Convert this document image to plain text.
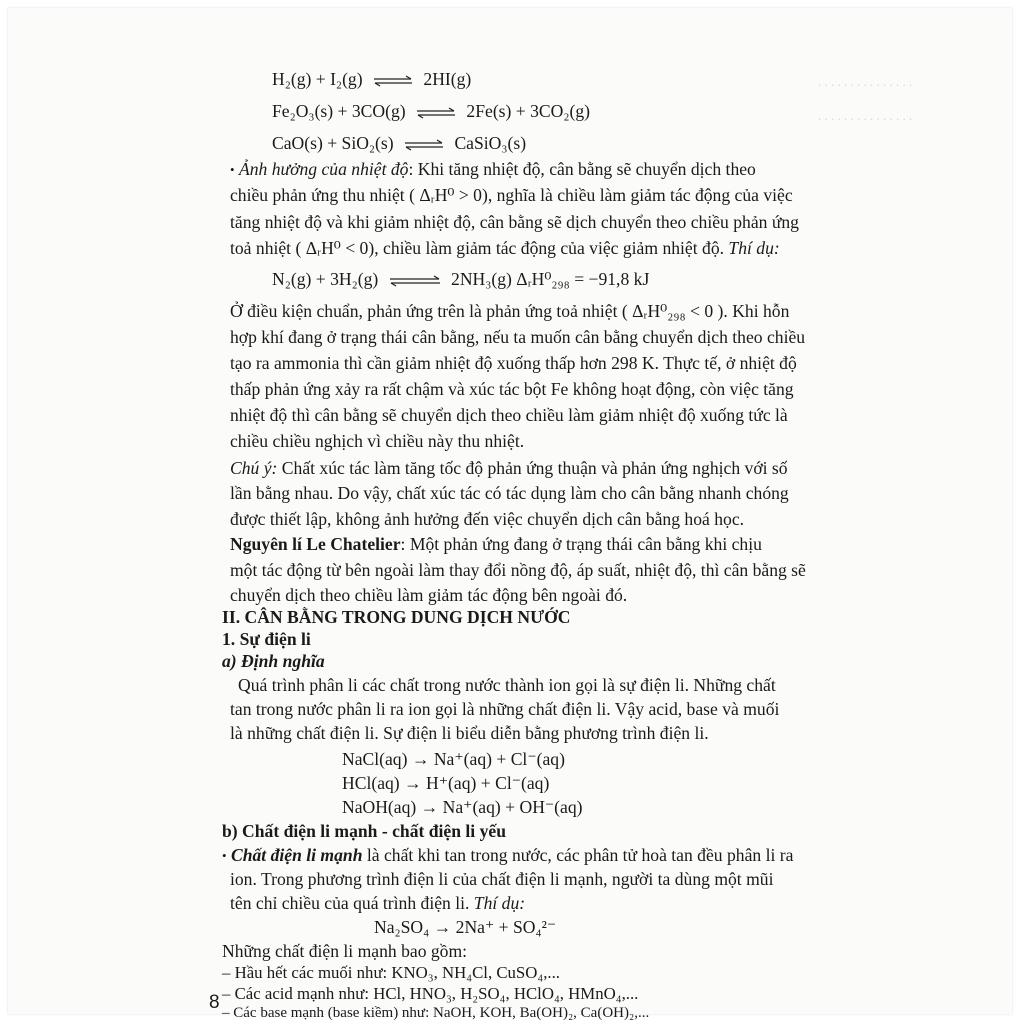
. . . . . . . . . . . . . . .
. . . . . . . . . . . . . . .
H₂(g) + I₂(g) ⇌ 2HI(g)
Fe₂O₃(s) + 3CO(g) ⇌ 2Fe(s) + 3CO₂(g)
CaO(s) + SiO₂(s) ⇌ CaSiO₃(s)
• Ảnh hưởng của nhiệt độ: Khi tăng nhiệt độ, cân bằng sẽ chuyển dịch theo
chiều phản ứng thu nhiệt ( ΔᵣH⁰ > 0), nghĩa là chiều làm giảm tác động của việc
tăng nhiệt độ và khi giảm nhiệt độ, cân bằng sẽ dịch chuyển theo chiều phản ứng
toả nhiệt ( ΔᵣH⁰ < 0), chiều làm giảm tác động của việc giảm nhiệt độ. Thí dụ:
N₂(g) + 3H₂(g) ⇌ 2NH₃(g) ΔᵣH⁰₂₉₈ = −91,8 kJ
Ở điều kiện chuẩn, phản ứng trên là phản ứng toả nhiệt ( ΔᵣH⁰₂₉₈ < 0 ). Khi hỗn
hợp khí đang ở trạng thái cân bằng, nếu ta muốn cân bằng chuyển dịch theo chiều
tạo ra ammonia thì cần giảm nhiệt độ xuống thấp hơn 298 K. Thực tế, ở nhiệt độ
thấp phản ứng xảy ra rất chậm và xúc tác bột Fe không hoạt động, còn việc tăng
nhiệt độ thì cân bằng sẽ chuyển dịch theo chiều làm giảm nhiệt độ xuống tức là
chiều chiều nghịch vì chiều này thu nhiệt.
Chú ý: Chất xúc tác làm tăng tốc độ phản ứng thuận và phản ứng nghịch với số
lần bằng nhau. Do vậy, chất xúc tác có tác dụng làm cho cân bằng nhanh chóng
được thiết lập, không ảnh hưởng đến việc chuyển dịch cân bằng hoá học.
Nguyên lí Le Chatelier: Một phản ứng đang ở trạng thái cân bằng khi chịu
một tác động từ bên ngoài làm thay đổi nồng độ, áp suất, nhiệt độ, thì cân bằng sẽ
chuyển dịch theo chiều làm giảm tác động bên ngoài đó.
II. CÂN BẰNG TRONG DUNG DỊCH NƯỚC
1. Sự điện li
a) Định nghĩa
Quá trình phân li các chất trong nước thành ion gọi là sự điện li. Những chất
tan trong nước phân li ra ion gọi là những chất điện li. Vậy acid, base và muối
là những chất điện li. Sự điện li biểu diễn bằng phương trình điện li.
NaCl(aq) → Na⁺(aq) + Cl⁻(aq)
HCl(aq) → H⁺(aq) + Cl⁻(aq)
NaOH(aq) → Na⁺(aq) + OH⁻(aq)
b) Chất điện li mạnh - chất điện li yếu
• Chất điện li mạnh là chất khi tan trong nước, các phân tử hoà tan đều phân li ra
ion. Trong phương trình điện li của chất điện li mạnh, người ta dùng một mũi
tên chỉ chiều của quá trình điện li. Thí dụ:
Na₂SO₄ → 2Na⁺ + SO₄²⁻
Những chất điện li mạnh bao gồm:
– Hầu hết các muối như: KNO₃, NH₄Cl, CuSO₄,...
– Các acid mạnh như: HCl, HNO₃, H₂SO₄, HClO₄, HMnO₄,...
8 – Các base mạnh (base kiềm) như: NaOH, KOH, Ba(OH)₂, Ca(OH)₂,...
